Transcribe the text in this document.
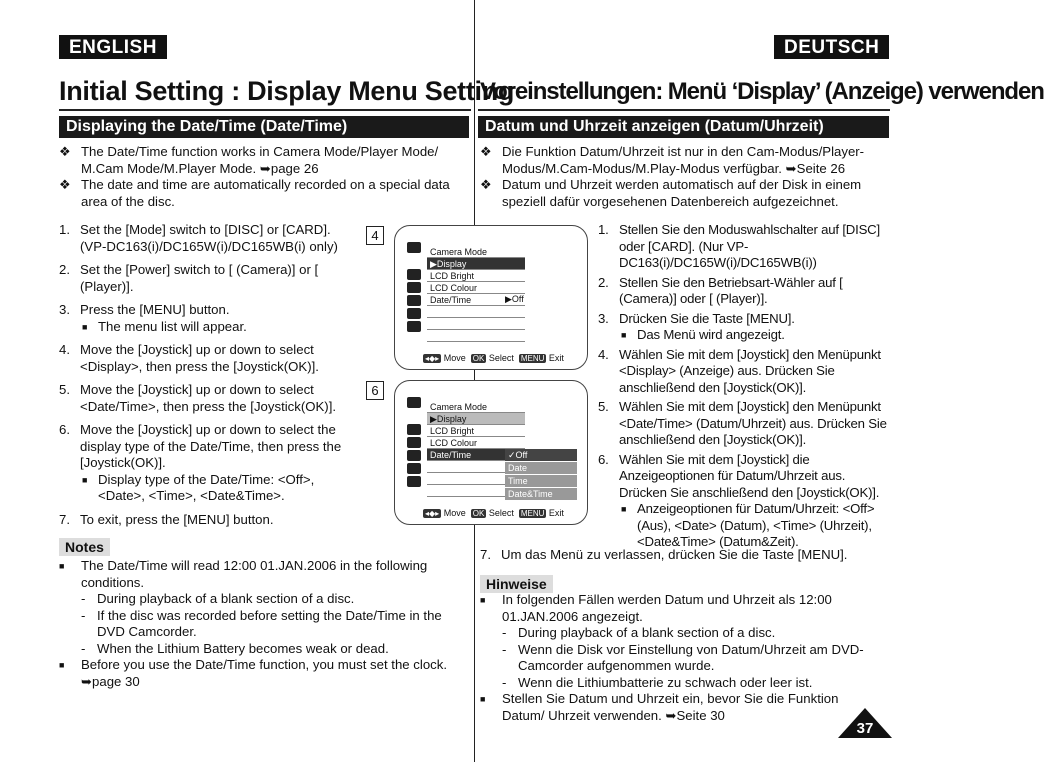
ENGLISH	DEUTSCH
Initial Setting : Display Menu Setting
Voreinstellungen: Menü ‘Display’ (Anzeige) verwenden
Displaying the Date/Time (Date/Time)	Datum und Uhrzeit anzeigen (Datum/Uhrzeit)
❖ The Date/Time function works in Camera Mode/Player Mode/ M.Cam Mode/M.Player Mode. ➥page 26
❖ The date and time are automatically recorded on a special data area of the disc.
1. Set the [Mode] switch to [DISC] or [CARD]. (VP-DC163(i)/DC165W(i)/DC165WB(i) only)
2. Set the [Power] switch to [ (Camera)] or [ (Player)].
3. Press the [MENU] button.
■ The menu list will appear.
4. Move the [Joystick] up or down to select <Display>, then press the [Joystick(OK)].
5. Move the [Joystick] up or down to select <Date/Time>, then press the [Joystick(OK)].
6. Move the [Joystick] up or down to select the display type of the Date/Time, then press the [Joystick(OK)].
■ Display type of the Date/Time: <Off>, <Date>, <Time>, <Date&Time>.
7. To exit, press the [MENU] button.
Notes
■ The Date/Time will read 12:00 01.JAN.2006 in the following conditions.
- During playback of a blank section of a disc.
- If the disc was recorded before setting the Date/Time in the DVD Camcorder.
- When the Lithium Battery becomes weak or dead.
■ Before you use the Date/Time function, you must set the clock. ➥page 30
4
6
Camera Mode
▶Display
LCD Bright
LCD Colour
Date/Time	▶Off
◂◆▸ Move OK Select MENU Exit
Camera Mode
▶Display
LCD Bright
LCD Colour
Date/Time	✓Off
Date
Time
Date&Time
◂◆▸ Move OK Select MENU Exit
❖ Die Funktion Datum/Uhrzeit ist nur in den Cam-Modus/Player-Modus/M.Cam-Modus/M.Play-Modus verfügbar. ➥Seite 26
❖ Datum und Uhrzeit werden automatisch auf der Disk in einem speziell dafür vorgesehenen Datenbereich aufgezeichnet.
1. Stellen Sie den Moduswahlschalter auf [DISC] oder [CARD]. (Nur VP-DC163(i)/DC165W(i)/DC165WB(i))
2. Stellen Sie den Betriebsart-Wähler auf [ (Camera)] oder [ (Player)].
3. Drücken Sie die Taste [MENU].
■ Das Menü wird angezeigt.
4. Wählen Sie mit dem [Joystick] den Menüpunkt <Display> (Anzeige) aus. Drücken Sie anschließend den [Joystick(OK)].
5. Wählen Sie mit dem [Joystick] den Menüpunkt <Date/Time> (Datum/Uhrzeit) aus. Drücken Sie anschließend den [Joystick(OK)].
6. Wählen Sie mit dem [Joystick] die Anzeigeoptionen für Datum/Uhrzeit aus. Drücken Sie anschließend den [Joystick(OK)].
■ Anzeigeoptionen für Datum/Uhrzeit: <Off> (Aus), <Date> (Datum), <Time> (Uhrzeit), <Date&Time> (Datum&Zeit).
7. Um das Menü zu verlassen, drücken Sie die Taste [MENU].
Hinweise
■ In folgenden Fällen werden Datum und Uhrzeit als 12:00 01.JAN.2006 angezeigt.
- During playback of a blank section of a disc.
- Wenn die Disk vor Einstellung von Datum/Uhrzeit am DVD-Camcorder aufgenommen wurde.
- Wenn die Lithiumbatterie zu schwach oder leer ist.
■ Stellen Sie Datum und Uhrzeit ein, bevor Sie die Funktion Datum/ Uhrzeit verwenden. ➥Seite 30
37
